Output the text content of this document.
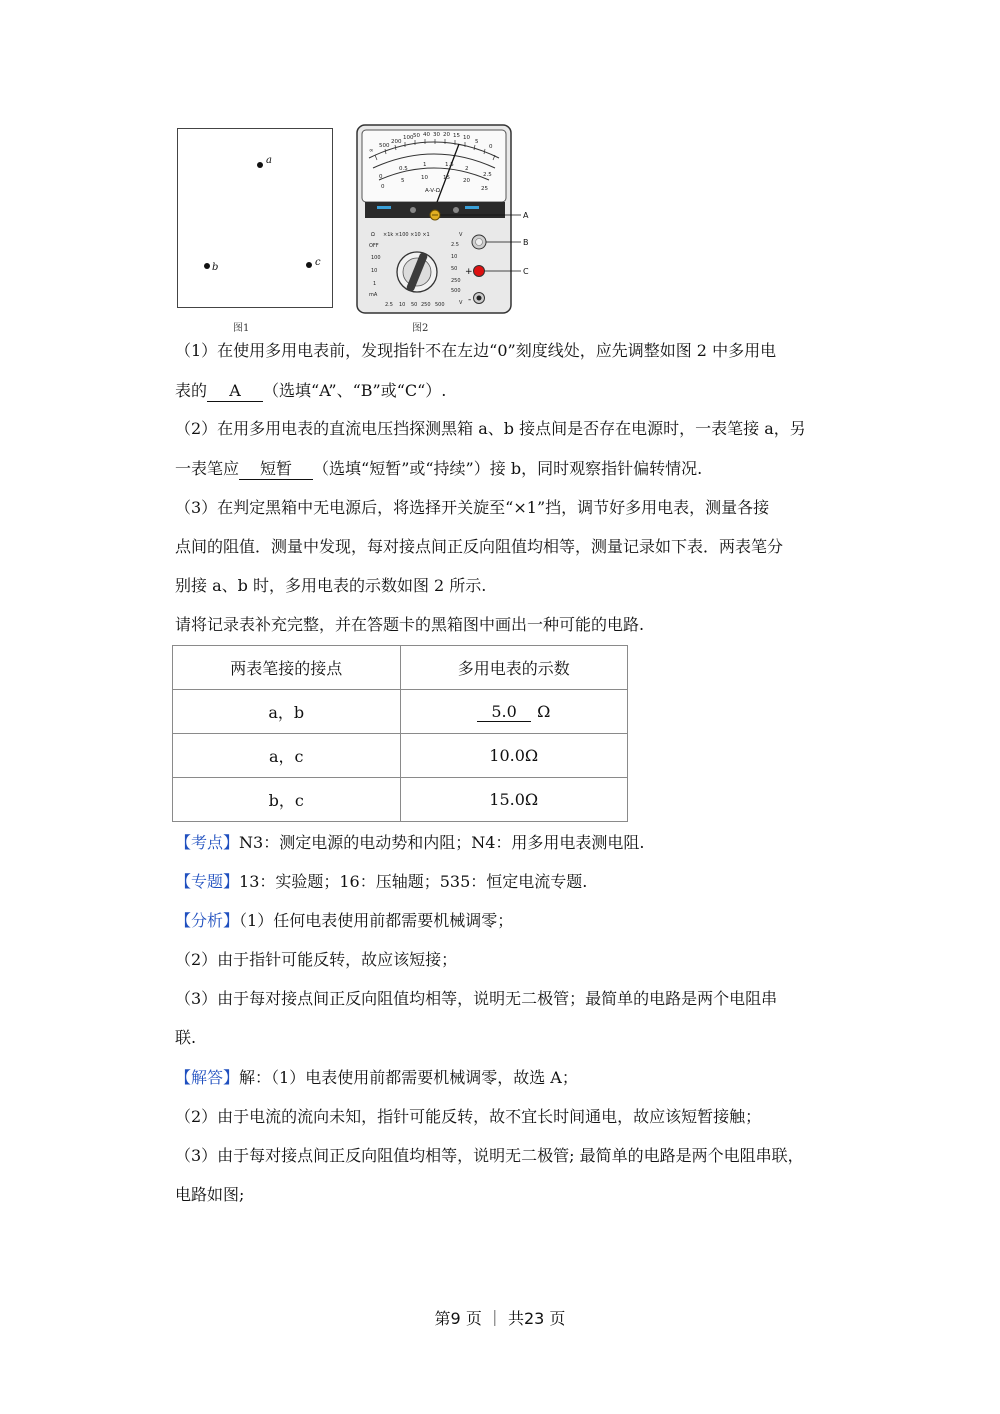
a
b	c
图1
∞
500
200
100 50 40 30 20 15 10
5
0
0
0.5
1	1.5
2
2.5
0
5	10	15 20
25
A-V-Ω
Ω ×1k ×100 ×10 ×1
OFF
V
2.5
10
50
250
500
100
10
1
mA
2.5 10 50 250 500	V
+
-
A
B
C
图2
（1）在使用多用电表前，发现指针不在左边“0”刻度线处，应先调整如图 2 中多用电
表的 A （选填“A”、“B”或“C“）.
（2）在用多用电表的直流电压挡探测黑箱 a、b 接点间是否存在电源时，一表笔接 a，另
一表笔应 短暂 （选填“短暂”或“持续”）接 b，同时观察指针偏转情况.
（3）在判定黑箱中无电源后，将选择开关旋至“×1”挡，调节好多用电表，测量各接
点间的阻值．测量中发现，每对接点间正反向阻值均相等，测量记录如下表．两表笔分
别接 a、b 时，多用电表的示数如图 2 所示.
请将记录表补充完整，并在答题卡的黑箱图中画出一种可能的电路.
两表笔接的接点	多用电表的示数
a，b	5.0 Ω
a，c	10.0Ω
b，c	15.0Ω
【考点】N3：测定电源的电动势和内阻；N4：用多用电表测电阻.
【专题】13：实验题；16：压轴题；535：恒定电流专题.
【分析】（1）任何电表使用前都需要机械调零；
（2）由于指针可能反转，故应该短接；
（3）由于每对接点间正反向阻值均相等，说明无二极管；最简单的电路是两个电阻串
联.
【解答】解：（1）电表使用前都需要机械调零，故选 A；
（2）由于电流的流向未知，指针可能反转，故不宜长时间通电，故应该短暂接触；
（3）由于每对接点间正反向阻值均相等，说明无二极管; 最简单的电路是两个电阻串联，
电路如图;
第9 页 ｜ 共23 页
